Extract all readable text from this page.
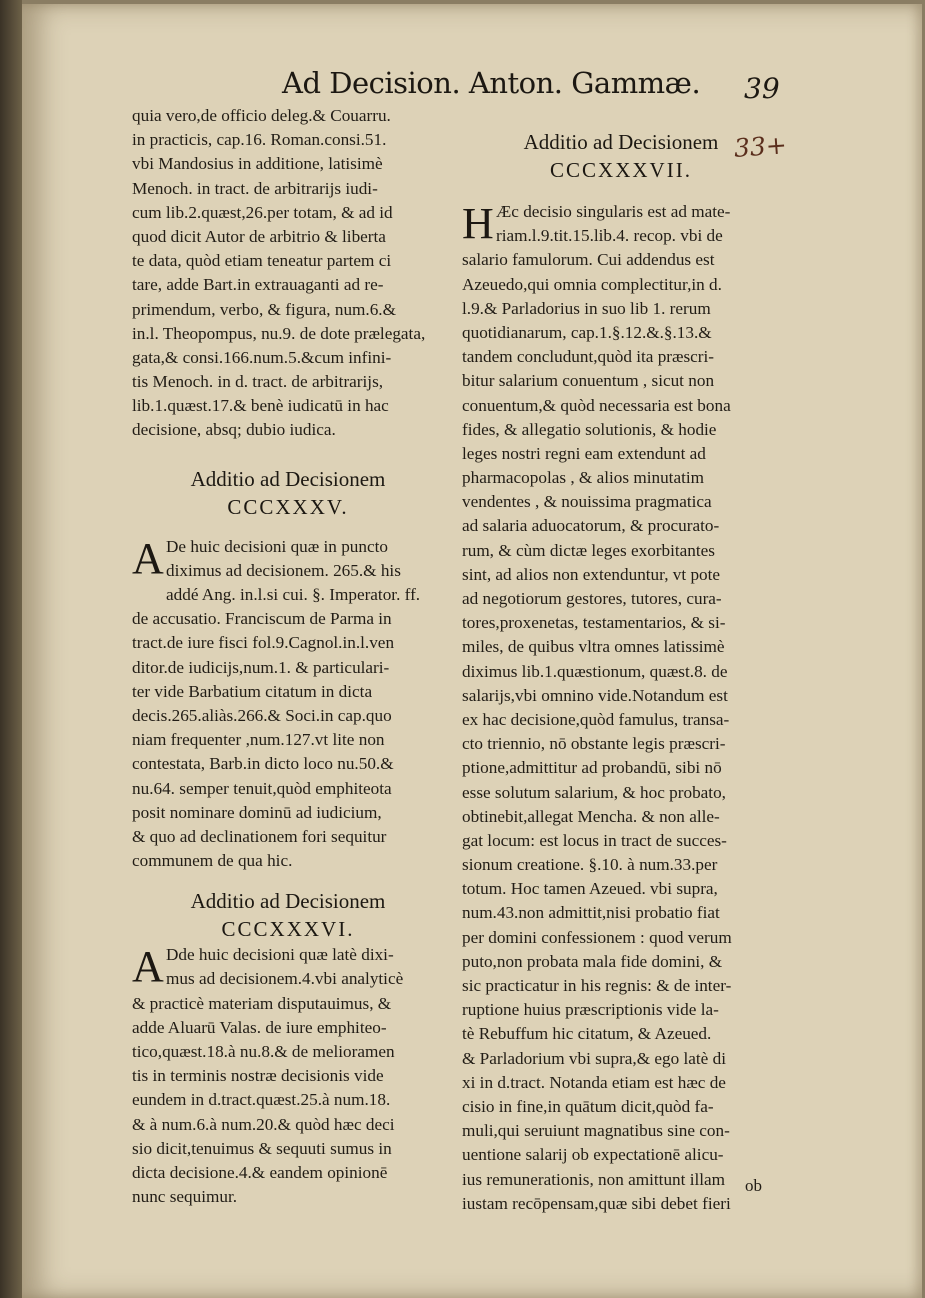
Ad Decision. Anton. Gammæ. 39
33+
quia vero,de officio deleg.& Couarru.
in practicis, cap.16. Roman.consi.51.
vbi Mandosius in additione, latisimè
Menoch. in tract. de arbitrarijs iudi-
cum lib.2.quæst,26.per totam, & ad id
quod dicit Autor de arbitrio & liberta
te data, quòd etiam teneatur partem ci
tare, adde Bart.in extrauaganti ad re-
primendum, verbo, & figura, num.6.&
in.l. Theopompus, nu.9. de dote prælegata,
gata,& consi.166.num.5.&cum infini-
tis Menoch. in d. tract. de arbitrarijs,
lib.1.quæst.17.& benè iudicatū in hac
decisione, absq; dubio iudica.
Additio ad Decisionem
CCCXXXV.
A De huic decisioni quæ in puncto
diximus ad decisionem. 265.& his
addé Ang. in.l.si cui. §. Imperator. ff.
de accusatio. Franciscum de Parma in
tract.de iure fisci fol.9.Cagnol.in.l.ven
ditor.de iudicijs,num.1. & particulari-
ter vide Barbatium citatum in dicta
decis.265.aliàs.266.& Soci.in cap.quo
niam frequenter ,num.127.vt lite non
contestata, Barb.in dicto loco nu.50.&
nu.64. semper tenuit,quòd emphiteota
posit nominare dominū ad iudicium,
& quo ad declinationem fori sequitur
communem de qua hic.
Additio ad Decisionem
CCCXXXVI.
A Dde huic decisioni quæ latè dixi-
mus ad decisionem.4.vbi analyticè
& practicè materiam disputauimus, &
adde Aluarū Valas. de iure emphiteo-
tico,quæst.18.à nu.8.& de melioramen
tis in terminis nostræ decisionis vide
eundem in d.tract.quæst.25.à num.18.
& à num.6.à num.20.& quòd hæc deci
sio dicit,tenuimus & sequuti sumus in
dicta decisione.4.& eandem opinionē
nunc sequimur.
Additio ad Decisionem
CCCXXXVII.
H Æc decisio singularis est ad mate-
riam.l.9.tit.15.lib.4. recop. vbi de
salario famulorum. Cui addendus est
Azeuedo,qui omnia complectitur,in d.
l.9.& Parladorius in suo lib 1. rerum
quotidianarum, cap.1.§.12.&.§.13.&
tandem concludunt,quòd ita præscri-
bitur salarium conuentum , sicut non
conuentum,& quòd necessaria est bona
fides, & allegatio solutionis, & hodie
leges nostri regni eam extendunt ad
pharmacopolas , & alios minutatim
vendentes , & nouissima pragmatica
ad salaria aduocatorum, & procurato-
rum, & cùm dictæ leges exorbitantes
sint, ad alios non extenduntur, vt pote
ad negotiorum gestores, tutores, cura-
tores,proxenetas, testamentarios, & si-
miles, de quibus vltra omnes latissimè
diximus lib.1.quæstionum, quæst.8. de
salarijs,vbi omnino vide.Notandum est
ex hac decisione,quòd famulus, transa-
cto triennio, nō obstante legis præscri-
ptione,admittitur ad probandū, sibi nō
esse solutum salarium, & hoc probato,
obtinebit,allegat Mencha. & non alle-
gat locum: est locus in tract de succes-
sionum creatione. §.10. à num.33.per
totum. Hoc tamen Azeued. vbi supra,
num.43.non admittit,nisi probatio fiat
per domini confessionem : quod verum
puto,non probata mala fide domini, &
sic practicatur in his regnis: & de inter-
ruptione huius præscriptionis vide la-
tè Rebuffum hic citatum, & Azeued.
& Parladorium vbi supra,& ego latè di
xi in d.tract. Notanda etiam est hæc de
cisio in fine,in quātum dicit,quòd fa-
muli,qui seruiunt magnatibus sine con-
uentione salarij ob expectationē alicu-
ius remunerationis, non amittunt illam
iustam recōpensam,quæ sibi debet fieri
ob
